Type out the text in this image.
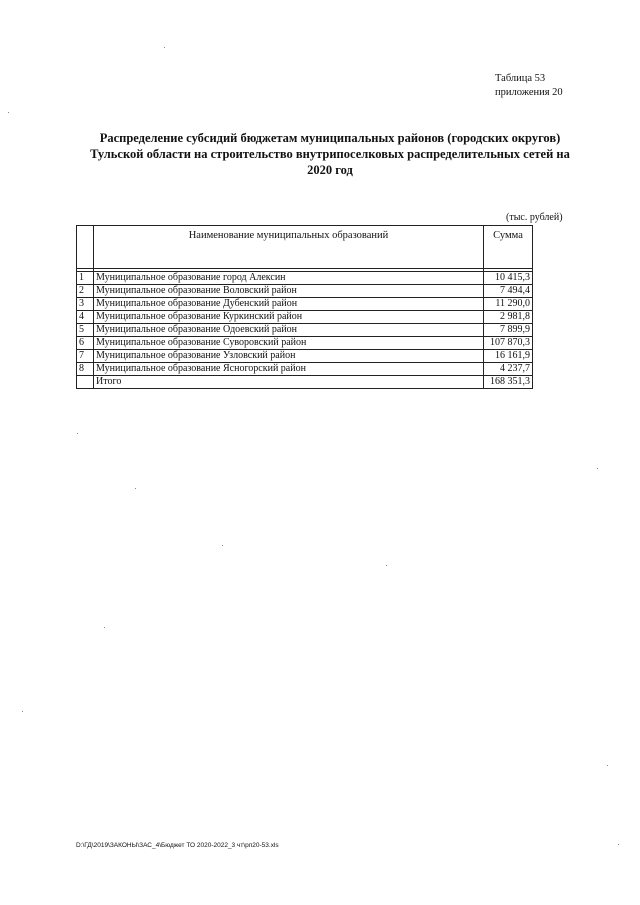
Таблица 53
приложения 20
Распределение субсидий бюджетам муниципальных районов (городских округов)
Тульской области на строительство внутрипоселковых распределительных сетей на
2020 год
(тыс. рублей)
	Наименование муниципальных образований	Сумма

1	Муниципальное образование город Алексин	10 415,3
2	Муниципальное образование Воловский район	7 494,4
3	Муниципальное образование Дубенский район	11 290,0
4	Муниципальное образование Куркинский район	2 981,8
5	Муниципальное образование Одоевский район	7 899,9
6	Муниципальное образование Суворовский район	107 870,3
7	Муниципальное образование Узловский район	16 161,9
8	Муниципальное образование Ясногорский район	4 237,7
	Итого	168 351,3
D:\ГД\2019\ЗАКОНЫ\ЗАС_4\Бюджет ТО 2020-2022_3 чт\рп20-53.xls
